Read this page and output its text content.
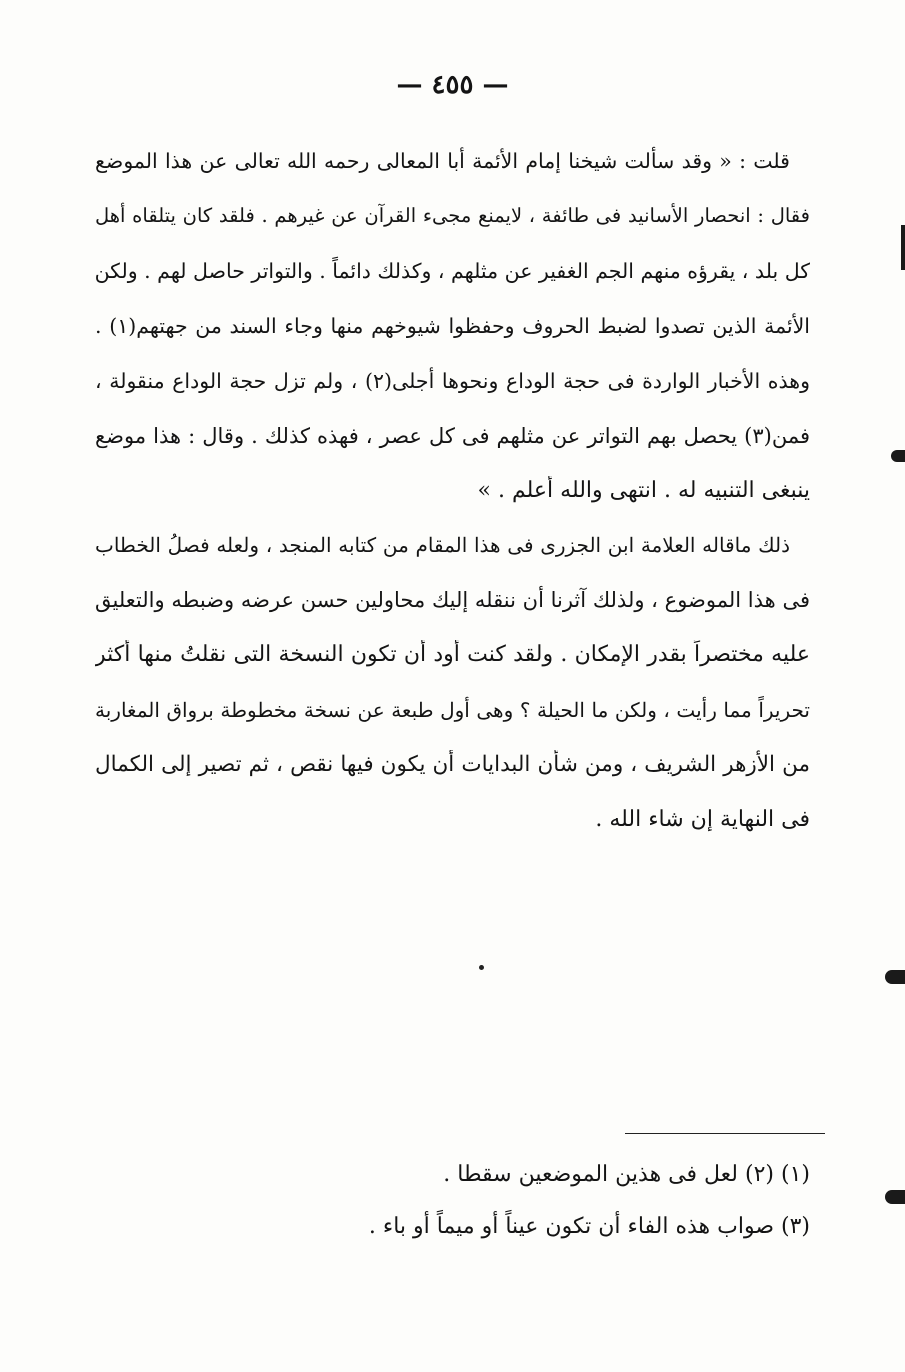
— ٤٥٥ —
قلت : « وقد سألت شيخنا إمام الأئمة أبا المعالى رحمه الله تعالى عن هذا الموضع
فقال : انحصار الأسانيد فى طائفة ، لايمنع مجىء القرآن عن غيرهم . فلقد كان يتلقاه أهل
كل بلد ، يقرؤه منهم الجم الغفير عن مثلهم ، وكذلك دائماً . والتواتر حاصل لهم . ولكن
الأئمة الذين تصدوا لضبط الحروف وحفظوا شيوخهم منها وجاء السند من جهتهم(١) .
وهذه الأخبار الواردة فى حجة الوداع ونحوها أجلى(٢) ، ولم تزل حجة الوداع منقولة ،
فمن(٣) يحصل بهم التواتر عن مثلهم فى كل عصر ، فهذه كذلك . وقال : هذا موضع
ينبغى التنبيه له . انتهى والله أعلم . »
ذلك ماقاله العلامة ابن الجزرى فى هذا المقام من كتابه المنجد ، ولعله فصلُ الخطاب
فى هذا الموضوع ، ولذلك آثرنا أن ننقله إليك محاولين حسن عرضه وضبطه والتعليق
عليه مختصراً بقدر الإمكان . ولقد كنت أود أن تكون النسخة التى نقلتُ منها أكثر
تحريراً مما رأيت ، ولكن ما الحيلة ؟ وهى أول طبعة عن نسخة مخطوطة برواق المغاربة
من الأزهر الشريف ، ومن شأن البدايات أن يكون فيها نقص ، ثم تصير إلى الكمال
فى النهاية إن شاء الله .
(١) (٢) لعل فى هذين الموضعين سقطا .
(٣) صواب هذه الفاء أن تكون عيناً أو ميماً أو باء .
